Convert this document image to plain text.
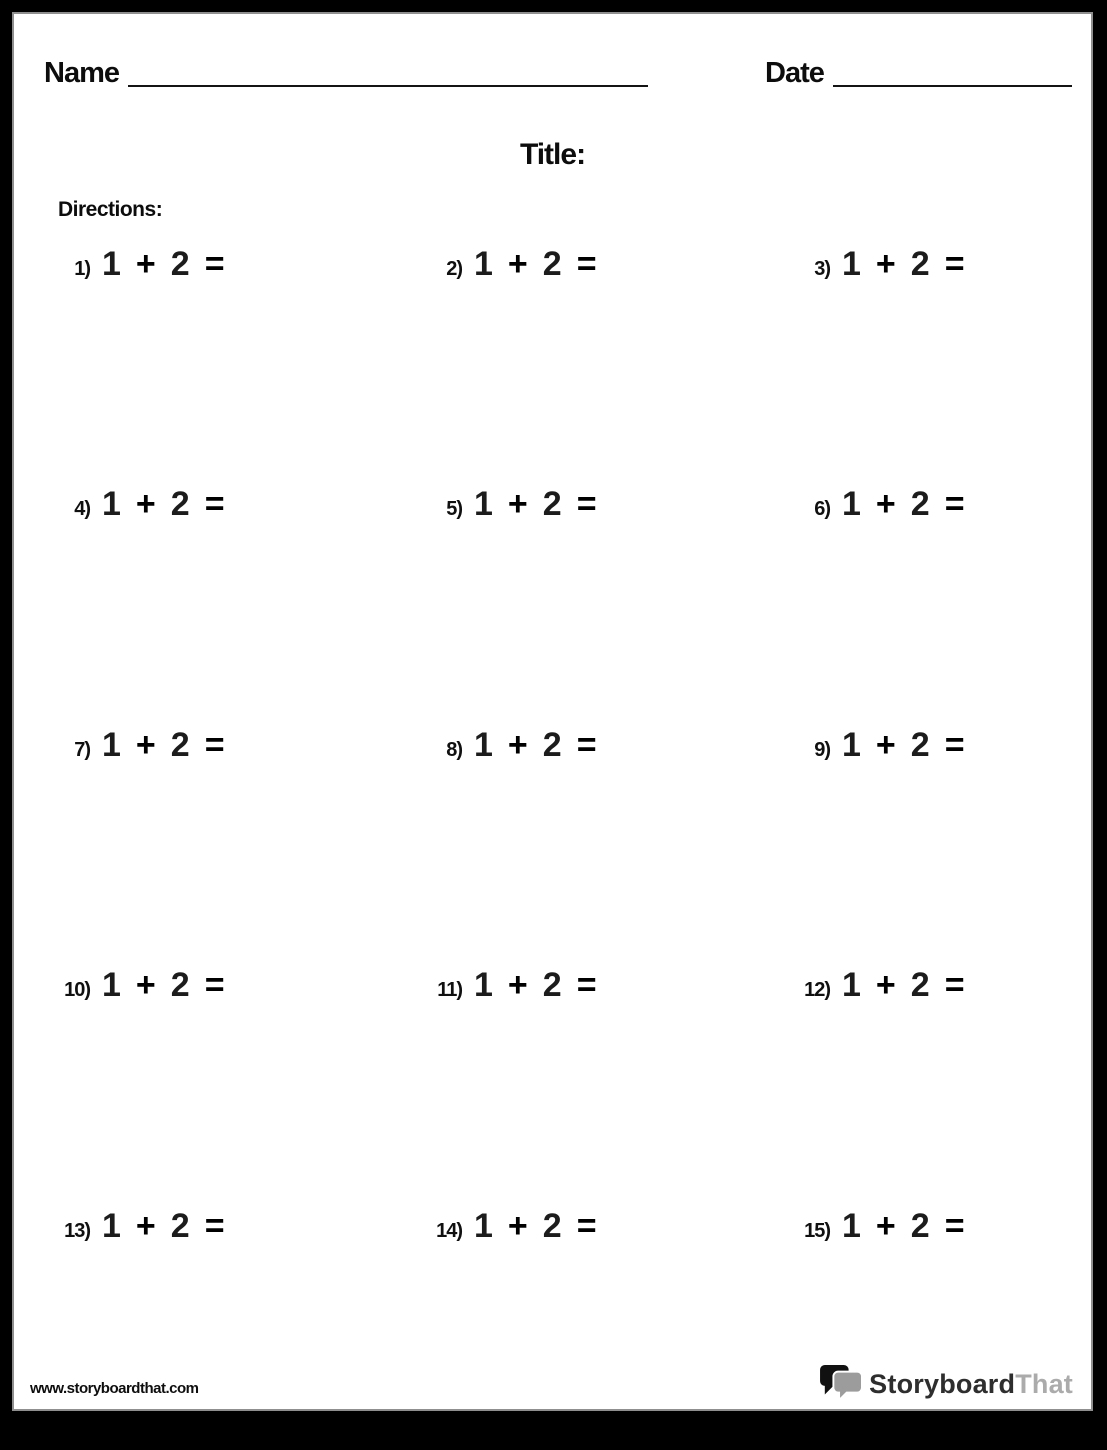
Name	Date
Title:
Directions:
1) 1 + 2 =	2) 1 + 2 =	3) 1 + 2 =
4) 1 + 2 =	5) 1 + 2 =	6) 1 + 2 =
7) 1 + 2 =	8) 1 + 2 =	9) 1 + 2 =
10) 1 + 2 =	11) 1 + 2 =	12) 1 + 2 =
13) 1 + 2 =	14) 1 + 2 =	15) 1 + 2 =
www.storyboardthat.com	Storyboard That
